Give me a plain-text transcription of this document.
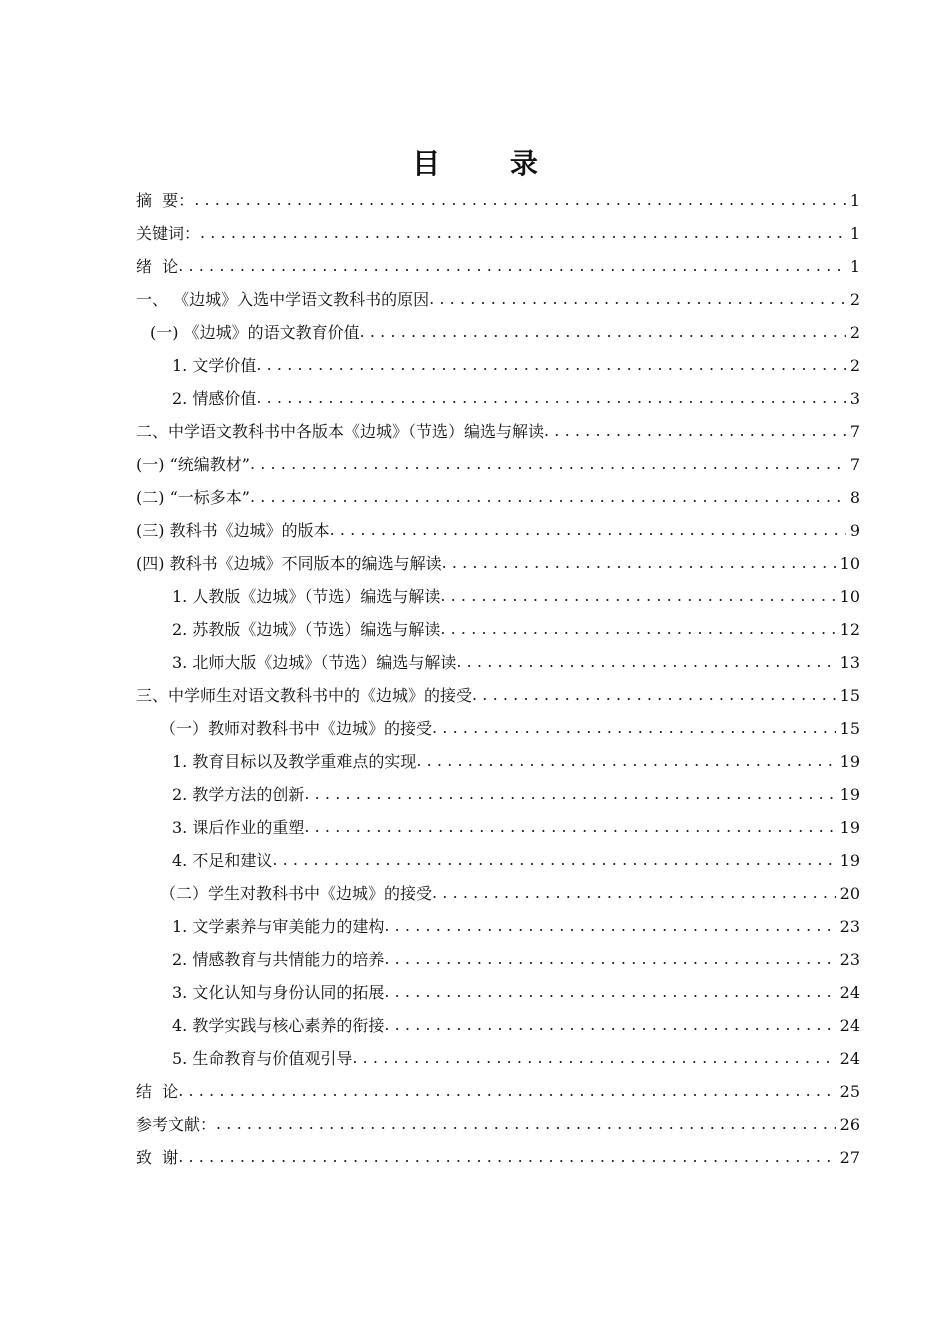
目 录
摘  要： .....	1
关键词： .....	1
绪  论 .....	1
一、 《边城》入选中学语文教科书的原因 .....	2
(一) 《边城》的语文教育价值 .....	2
1. 文学价值 .....	2
2. 情感价值 .....	3
二、中学语文教科书中各版本《边城》（节选）编选与解读 .....	7
(一) “统编教材” .....	7
(二) “一标多本” .....	8
(三) 教科书《边城》的版本 .....	9
(四) 教科书《边城》不同版本的编选与解读 .....	10
1. 人教版《边城》（节选）编选与解读 .....	10
2. 苏教版《边城》（节选）编选与解读 .....	12
3. 北师大版《边城》（节选）编选与解读 .....	13
三、中学师生对语文教科书中的《边城》的接受 .....	15
（一）教师对教科书中《边城》的接受 .....	15
1. 教育目标以及教学重难点的实现 .....	19
2. 教学方法的创新 .....	19
3. 课后作业的重塑 .....	19
4. 不足和建议 .....	19
（二）学生对教科书中《边城》的接受 .....	20
1. 文学素养与审美能力的建构 .....	23
2. 情感教育与共情能力的培养 .....	23
3. 文化认知与身份认同的拓展 .....	24
4. 教学实践与核心素养的衔接 .....	24
5. 生命教育与价值观引导 .....	24
结  论 .....	25
参考文献： .....	26
致  谢 .....	27
